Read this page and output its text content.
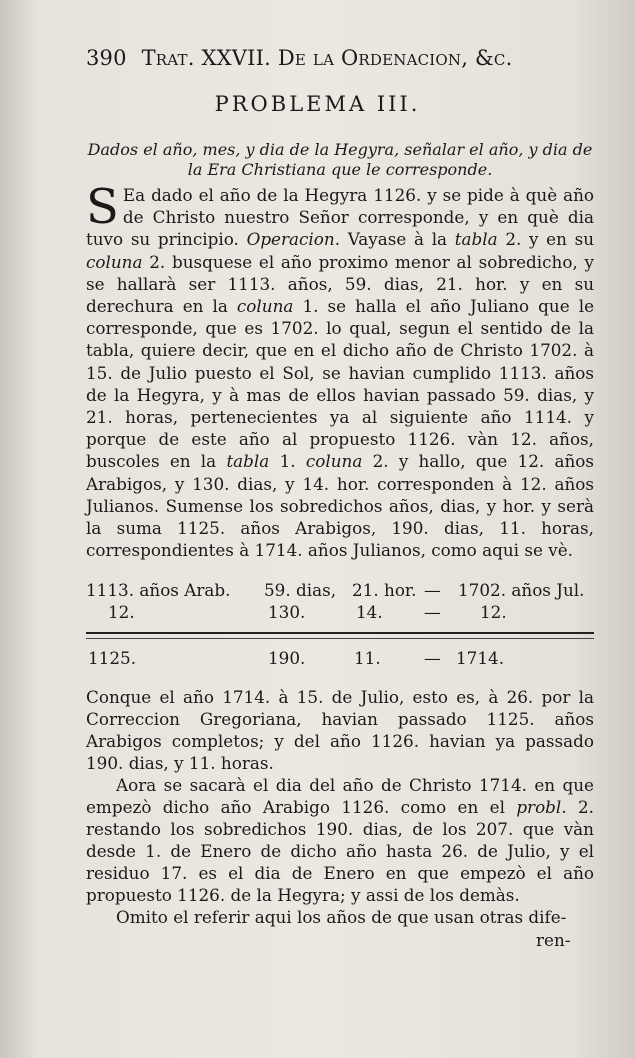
390 Trat. XXVII. De la Ordenacion, &c.
PROBLEMA III.
Dados el año, mes, y dia de la Hegyra, señalar el año, y dia de
la Era Christiana que le corresponde.

S Ea dado el año de la Hegyra 1126. y se pide à què año de Christo nuestro Señor corresponde, y en què dia tuvo su principio. Operacion. Vayase à la tabla 2. y en su coluna 2. busquese el año proximo menor al sobredicho, y se hallarà ser 1113. años, 59. dias, 21. hor. y en su derechura en la coluna 1. se halla el año Juliano que le corresponde, que es 1702. lo qual, segun el sentido de la tabla, quiere decir, que en el dicho año de Christo 1702. à 15. de Julio puesto el Sol, se havian cumplido 1113. años de la Hegyra, y à mas de ellos havian passado 59. dias, y 21. horas, pertenecientes ya al siguiente año 1114. y porque de este año al propuesto 1126. vàn 12. años, buscoles en la tabla 1. coluna 2. y hallo, que 12. años Arabigos, y 130. dias, y 14. hor. corresponden à 12. años Julianos. Sumense los sobredichos años, dias, y hor. y serà la suma 1125. años Arabigos, 190. dias, 11. horas, correspondientes à 1714. años Julianos, como aqui se vè.

1113. años Arab. 59. dias, 21. hor. — 1702. años Jul.
12.	130.	14. — 12.
1125.	190.	11.	— 1714.

Conque el año 1714. à 15. de Julio, esto es, à 26. por la Correccion Gregoriana, havian passado 1125. años Arabigos completos; y del año 1126. havian ya passado 190. dias, y 11. horas.

Aora se sacarà el dia del año de Christo 1714. en que empezò dicho año Arabigo 1126. como en el probl. 2. restando los sobredichos 190. dias, de los 207. que vàn desde 1. de Enero de dicho año hasta 26. de Julio, y el residuo 17. es el dia de Enero en que empezò el año propuesto 1126. de la Hegyra; y assi de los demàs.

Omito el referir aqui los años de que usan otras dife-

ren-
